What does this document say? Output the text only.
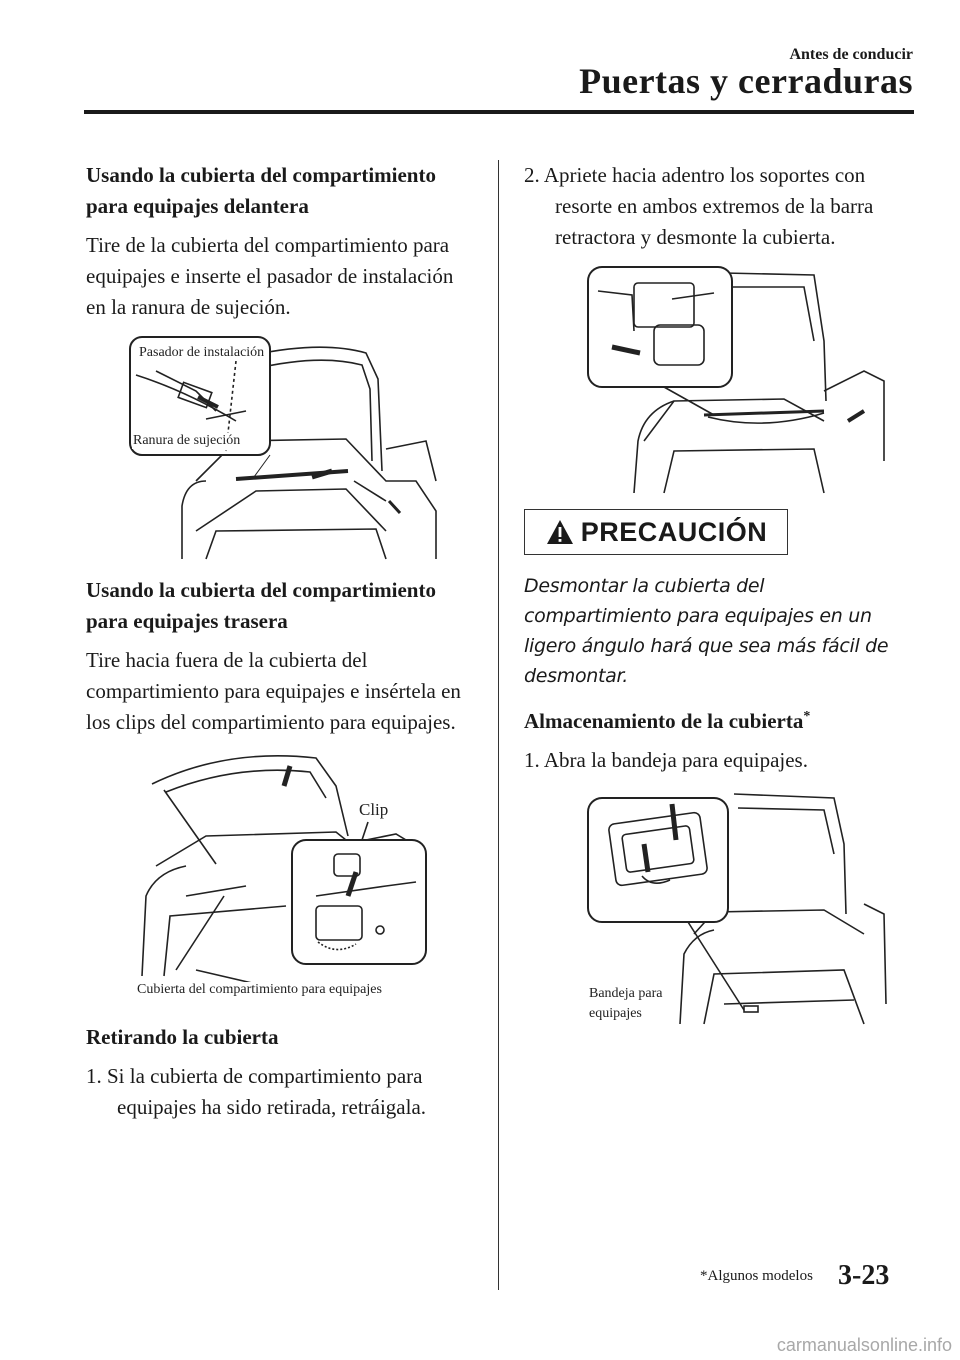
Antes de conducir
Puertas y cerraduras
Usando la cubierta del compartimiento para equipajes delantera

Tire de la cubierta del compartimiento para equipajes e inserte el pasador de instalación en la ranura de sujeción.

Pasador de instalación
Ranura de sujeción
Usando la cubierta del compartimiento para equipajes trasera

Tire hacia fuera de la cubierta del compartimiento para equipajes e insértela en los clips del compartimiento para equipajes.

Clip
Cubierta del compartimiento para equipajes
Retirando la cubierta
1. Si la cubierta de compartimiento para equipajes ha sido retirada, retráigala.
2. Apriete hacia adentro los soportes con resorte en ambos extremos de la barra retractora y desmonte la cubierta.
PRECAUCIÓN

Desmontar la cubierta del compartimiento para equipajes en un ligero ángulo hará que sea más fácil de desmontar.

Almacenamiento de la cubierta*
1. Abra la bandeja para equipajes.
Bandeja para
equipajes
*Algunos modelos 3-23
carmanualsonline.info
